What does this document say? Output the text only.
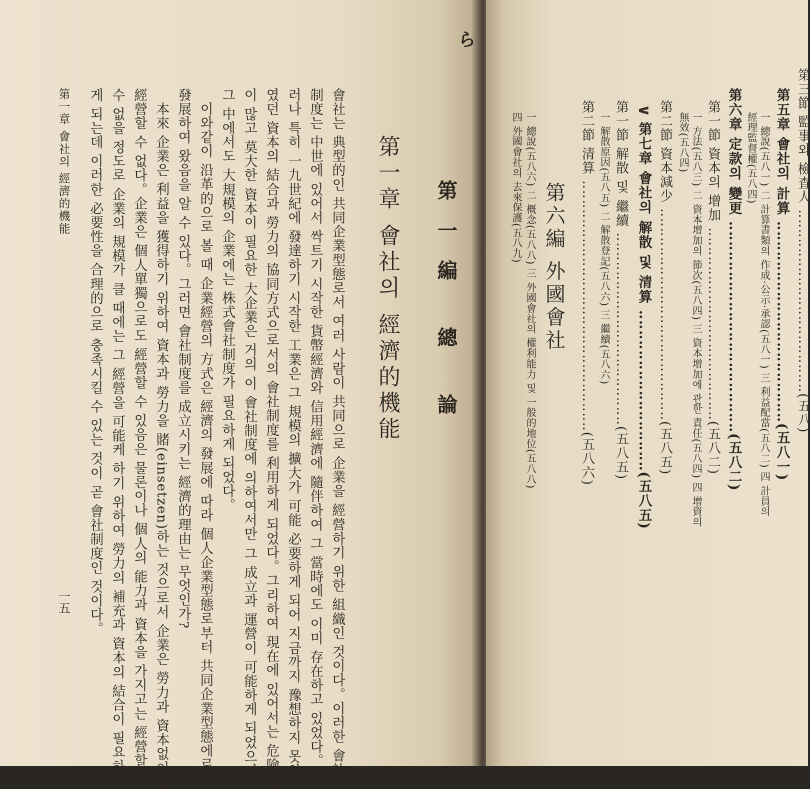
第一編 總 論
第一章 會社의 經濟的機能
會社는 典型的인 共同企業型態로서 여러 사람이 共同으로 企業을 經營하기 위한 組織인 것이다。이러한 會社
制度는 中世에 있어서 싹트기 시작한 貨幣經濟와 信用經濟에 隨伴하여 그 當時에도 이미 存在하고 있었다。그
러나 특히 一九世紀에 發達하기 시작한 工業은 그 規模의 擴大가 可能 必要하게 되어 지금까지 豫想하지 못하
였던 資本의 結合과 勞力의 協同方式으로서의 會社制度를 利用하게 되었다。그리하여 現在에 있어서는 危險性
이 많고 莫大한 資本이 필요한 大企業은 거의 이 會社制度에 의하여서만 그 成立과 運營이 可能하게 되었으며
그 中에서도 大規模의 企業에는 株式會社制度가 필요하게 되었다。
이와같이 沿革的으로 볼 때 企業經營의 方式은 經濟의 發展에 따라 個人企業型態로부터 共同企業型態에로
發展하여 왔음을 알 수 있다。그러면 會社制度를 成立시키는 經濟的理由는 무엇인가?
本來 企業은 利益을 獲得하기 위하여 資本과 勞力을 賭(einsetzen)하는 것으로서 企業은 勞力과 資本없이는
經營할 수 없다。企業은 個人單獨으로도 經營할 수 있음은 물론이나 個人의 能力과 資本을 가지고는 經營할
수 없을 정도로 企業의 規模가 클 때에는 그 經營을 可能케 하기 위하여 勞力의 補充과 資本의 結合이 필요하
게 되는데 이러한 必要性을 合理的으로 충족시킬 수 있는 것이 곧 會社制度인 것이다。
第一章 會社의 經濟的機能
一五
ら
第三節 監事와 檢査人 ‥‥‥‥‥‥‥‥‥‥‥‥‥‥‥‥‥‥‥(五八)
第五章 會社의 計算 ‥‥‥‥‥‥‥‥‥‥‥‥‥‥‥‥‥‥‥‥(五八一)
一 總說(五八一) 二 計算書類의 作成·公示·承認(五八一) 三 利益配當(五八二) 四 計員의
經理監督權(五八四)
第六章 定款의 變更 ‥‥‥‥‥‥‥‥‥‥‥‥‥‥‥‥‥‥‥‥‥(五八二)
第一節 資本의 增加 ‥‥‥‥‥‥‥‥‥‥‥‥‥‥‥‥‥‥‥‥(五八二)
一 方法(五八三) 二 資本增加의 節次(五八四) 三 資本增加에 관한 責任(五八四) 四 增資의
無效(五八四)
第二節 資本減少 ‥‥‥‥‥‥‥‥‥‥‥‥‥‥‥‥‥‥‥‥‥‥(五八五)
∨
第七章 會社의 解散 및 清算 ‥‥‥‥‥‥‥‥‥‥‥‥‥‥‥‥(五八五)
第一節 解散 및 繼續 ‥‥‥‥‥‥‥‥‥‥‥‥‥‥‥‥‥‥‥‥(五八五)
一 解散原因(五八五) 二 解散登記(五八六) 三 繼續(五八六)
第二節 清算 ‥‥‥‥‥‥‥‥‥‥‥‥‥‥‥‥‥‥‥‥‥‥‥‥‥‥(五八六)
第六編 外國會社
一 總說(五八六) 二 概念(五八八) 三 外國會社의 權利能力 및 一般的地位(五八八)
四 外國會社의 去來保護(五八九)
